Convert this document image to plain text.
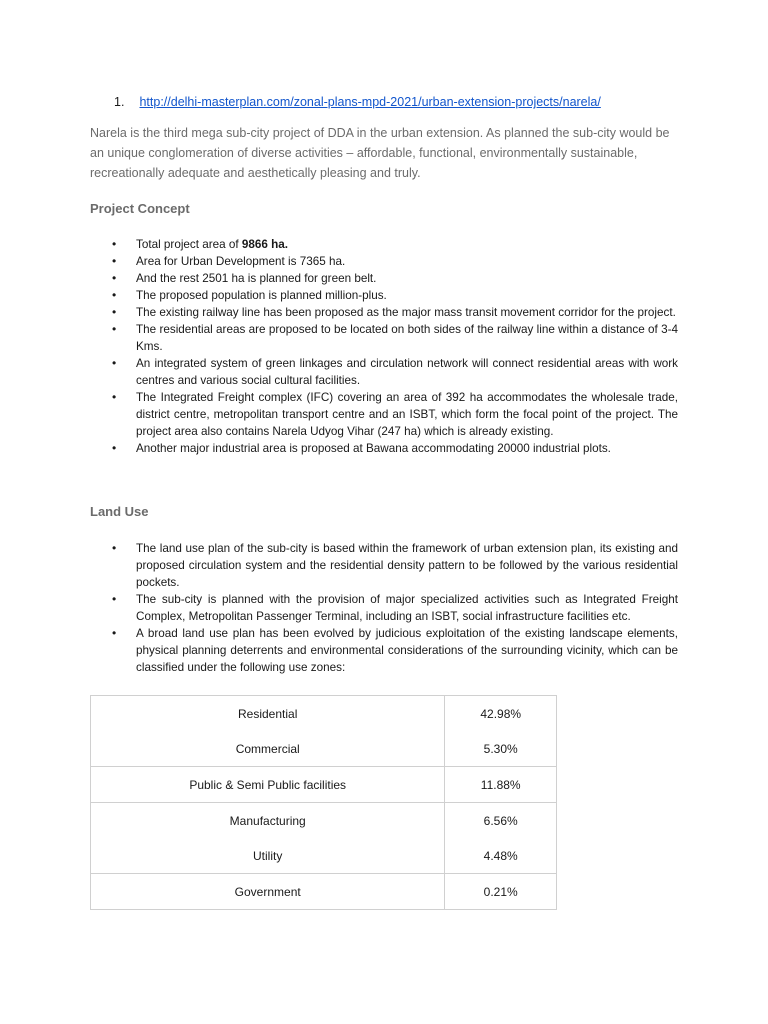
1. http://delhi-masterplan.com/zonal-plans-mpd-2021/urban-extension-projects/narela/
Narela is the third mega sub-city project of DDA in the urban extension. As planned the sub-city would be an unique conglomeration of diverse activities – affordable, functional, environmentally sustainable, recreationally adequate and aesthetically pleasing and truly.
Project Concept
• Total project area of 9866 ha.
• Area for Urban Development is 7365 ha.
• And the rest 2501 ha is planned for green belt.
• The proposed population is planned million-plus.
• The existing railway line has been proposed as the major mass transit movement corridor for the project.
• The residential areas are proposed to be located on both sides of the railway line within a distance of 3-4 Kms.
• An integrated system of green linkages and circulation network will connect residential areas with work centres and various social cultural facilities.
• The Integrated Freight complex (IFC) covering an area of 392 ha accommodates the wholesale trade, district centre, metropolitan transport centre and an ISBT, which form the focal point of the project. The project area also contains Narela Udyog Vihar (247 ha) which is already existing.
• Another major industrial area is proposed at Bawana accommodating 20000 industrial plots.
Land Use
• The land use plan of the sub-city is based within the framework of urban extension plan, its existing and proposed circulation system and the residential density pattern to be followed by the various residential pockets.
• The sub-city is planned with the provision of major specialized activities such as Integrated Freight Complex, Metropolitan Passenger Terminal, including an ISBT, social infrastructure facilities etc.
• A broad land use plan has been evolved by judicious exploitation of the existing landscape elements, physical planning deterrents and environmental considerations of the surrounding vicinity, which can be classified under the following use zones:
Residential	42.98%
Commercial	5.30%
Public & Semi Public facilities	11.88%
Manufacturing	6.56%
Utility	4.48%
Government	0.21%
